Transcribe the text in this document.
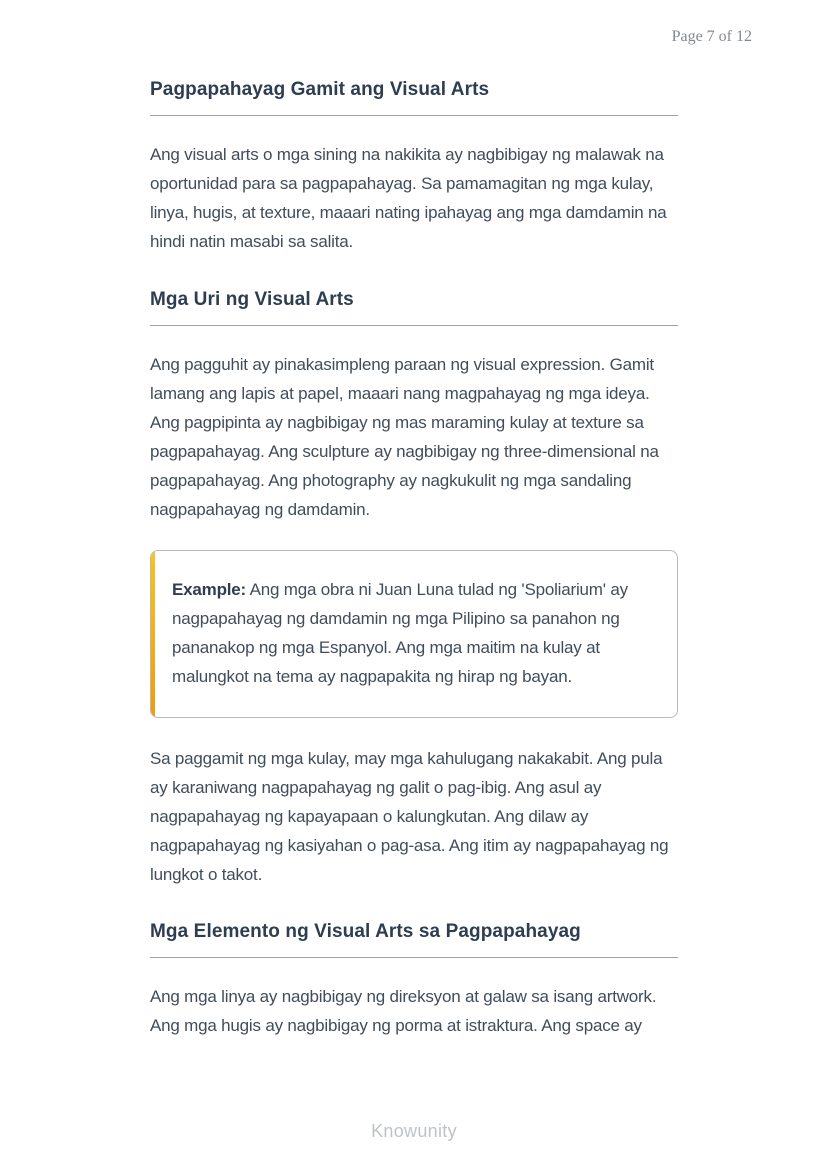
Page 7 of 12
Pagpapahayag Gamit ang Visual Arts

Ang visual arts o mga sining na nakikita ay nagbibigay ng malawak na oportunidad para sa pagpapahayag. Sa pamamagitan ng mga kulay, linya, hugis, at texture, maaari nating ipahayag ang mga damdamin na hindi natin masabi sa salita.

Mga Uri ng Visual Arts

Ang pagguhit ay pinakasimpleng paraan ng visual expression. Gamit lamang ang lapis at papel, maaari nang magpahayag ng mga ideya. Ang pagpipinta ay nagbibigay ng mas maraming kulay at texture sa pagpapahayag. Ang sculpture ay nagbibigay ng three-dimensional na pagpapahayag. Ang photography ay nagkukulit ng mga sandaling nagpapahayag ng damdamin.

Example: Ang mga obra ni Juan Luna tulad ng 'Spoliarium' ay nagpapahayag ng damdamin ng mga Pilipino sa panahon ng pananakop ng mga Espanyol. Ang mga maitim na kulay at malungkot na tema ay nagpapakita ng hirap ng bayan.

Sa paggamit ng mga kulay, may mga kahulugang nakakabit. Ang pula ay karaniwang nagpapahayag ng galit o pag-ibig. Ang asul ay nagpapahayag ng kapayapaan o kalungkutan. Ang dilaw ay nagpapahayag ng kasiyahan o pag-asa. Ang itim ay nagpapahayag ng lungkot o takot.

Mga Elemento ng Visual Arts sa Pagpapahayag

Ang mga linya ay nagbibigay ng direksyon at galaw sa isang artwork. Ang mga hugis ay nagbibigay ng porma at istraktura. Ang space ay

Knowunity
